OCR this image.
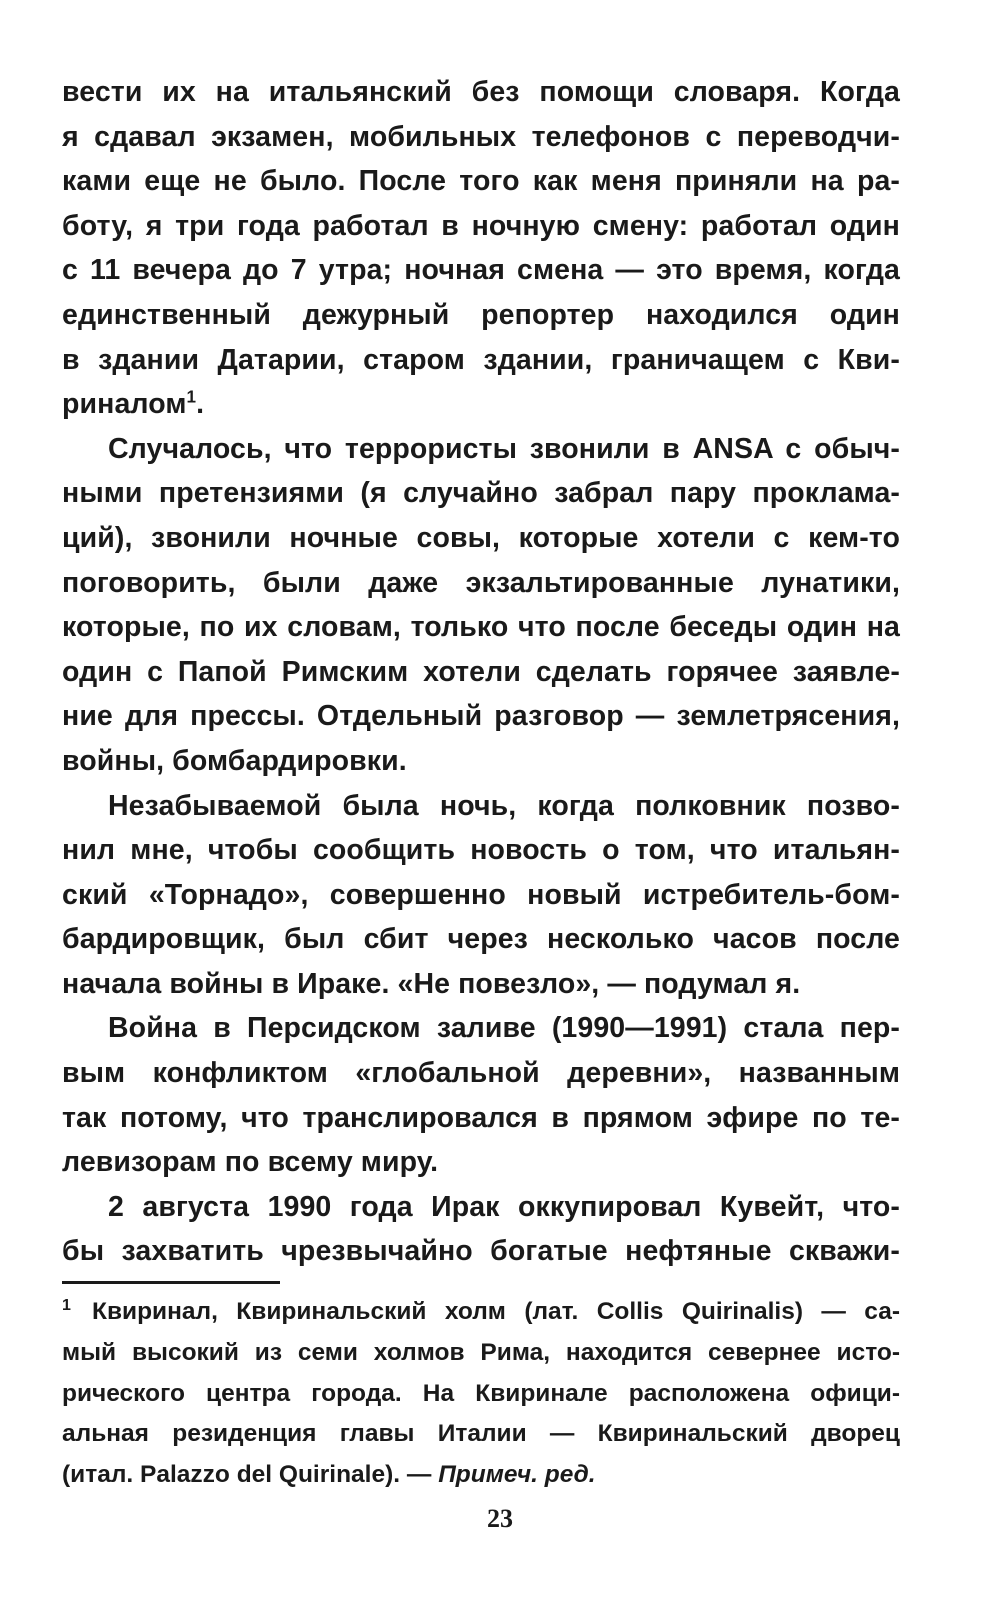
вести их на итальянский без помощи словаря. Когда
я сдавал экзамен, мобильных телефонов с переводчи-
ками еще не было. После того как меня приняли на ра-
боту, я три года работал в ночную смену: работал один
с 11 вечера до 7 утра; ночная смена — это время, когда
единственный дежурный репортер находился один
в здании Датарии, старом здании, граничащем с Кви-
риналом$^1$.
Случалось, что террористы звонили в ANSA с обыч-
ными претензиями (я случайно забрал пару проклама-
ций), звонили ночные совы, которые хотели с кем-то
поговорить, были даже экзальтированные лунатики,
которые, по их словам, только что после беседы один на
один с Папой Римским хотели сделать горячее заявле-
ние для прессы. Отдельный разговор — землетрясения,
войны, бомбардировки.
Незабываемой была ночь, когда полковник позво-
нил мне, чтобы сообщить новость о том, что итальян-
ский «Торнадо», совершенно новый истребитель-бом-
бардировщик, был сбит через несколько часов после
начала войны в Ираке. «Не повезло», — подумал я.
Война в Персидском заливе (1990—1991) стала пер-
вым конфликтом «глобальной деревни», названным
так потому, что транслировался в прямом эфире по те-
левизорам по всему миру.
2 августа 1990 года Ирак оккупировал Кувейт, что-
бы захватить чрезвычайно богатые нефтяные скважи-
1 Квиринал, Квиринальский холм (лат. Collis Quirinalis) — са-
мый высокий из семи холмов Рима, находится севернее исто-
рического центра города. На Квиринале расположена офици-
альная резиденция главы Италии — Квиринальский дворец
(итал. Palazzo del Quirinale). — Примеч. ред.
23
